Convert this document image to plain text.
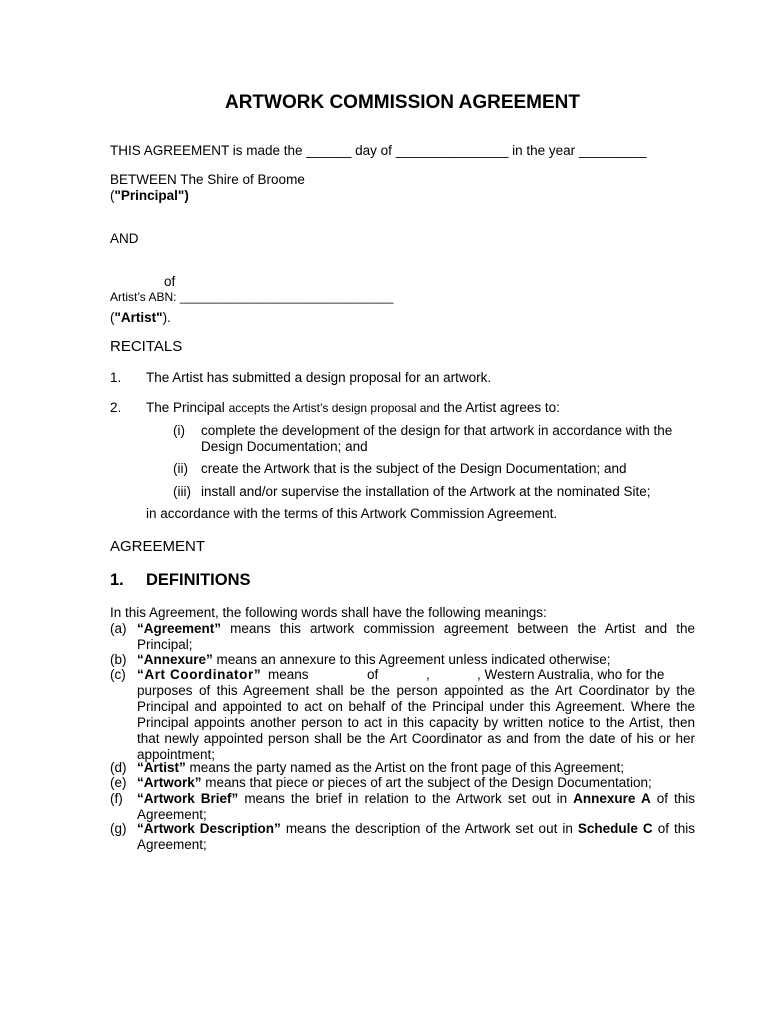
ARTWORK COMMISSION AGREEMENT
THIS AGREEMENT is made the ______ day of _______________ in the year _________
BETWEEN The Shire of Broome
("Principal")
AND
of
Artist’s ABN: ________________________________
("Artist").
RECITALS
1. The Artist has submitted a design proposal for an artwork.
2. The Principal accepts the Artist’s design proposal and the Artist agrees to:
(i) complete the development of the design for that artwork in accordance with the
Design Documentation; and
(ii) create the Artwork that is the subject of the Design Documentation; and
(iii) install and/or supervise the installation of the Artwork at the nominated Site;
in accordance with the terms of this Artwork Commission Agreement.
AGREEMENT
1. DEFINITIONS
In this Agreement, the following words shall have the following meanings:
(a) “Agreement” means this artwork commission agreement between the Artist and the Principal;
(b) “Annexure” means an annexure to this Agreement unless indicated otherwise;
(c) “Art Coordinator” means	of	,	, Western Australia, who for the
purposes of this Agreement shall be the person appointed as the Art Coordinator by the Principal and appointed to act on behalf of the Principal under this Agreement. Where the Principal appoints another person to act in this capacity by written notice to the Artist, then that newly appointed person shall be the Art Coordinator as and from the date of his or her appointment;
(d) “Artist” means the party named as the Artist on the front page of this Agreement;
(e) “Artwork” means that piece or pieces of art the subject of the Design Documentation;
(f) “Artwork Brief” means the brief in relation to the Artwork set out in Annexure A of this Agreement;
(g) “Artwork Description” means the description of the Artwork set out in Schedule C of this Agreement;
